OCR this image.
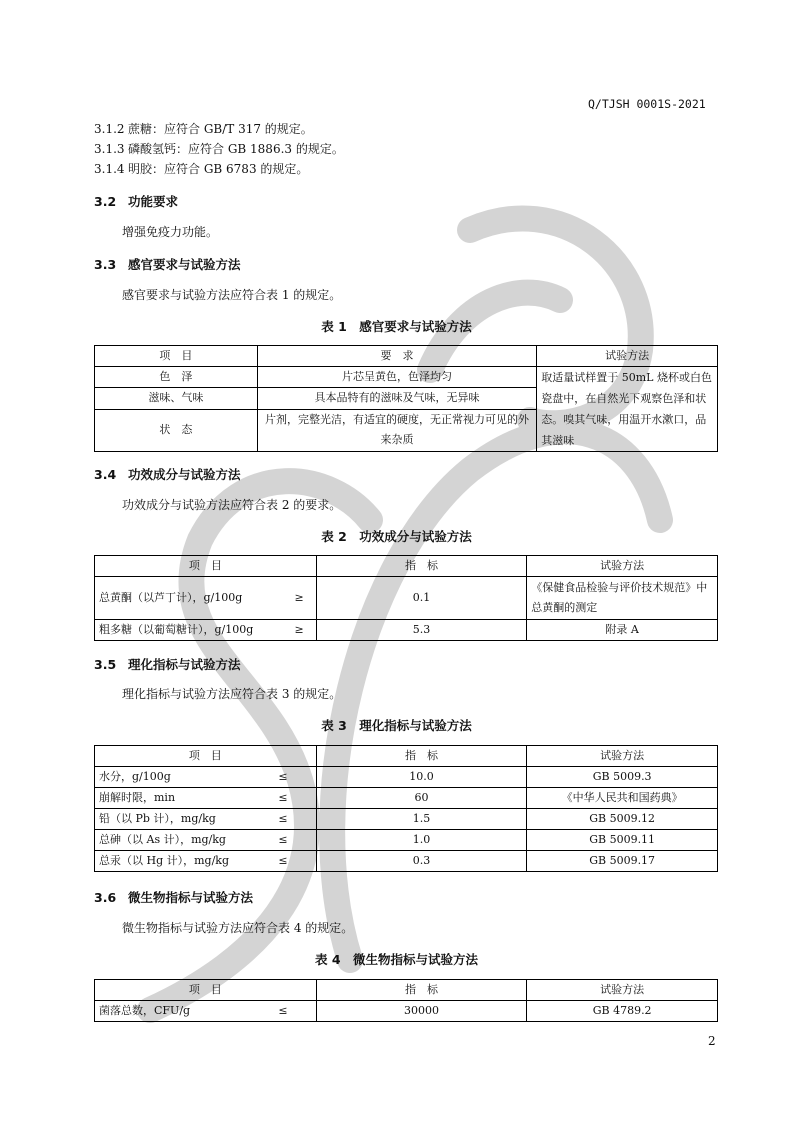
Q/TJSH 0001S-2021
3.1.2 蔗糖：应符合 GB/T 317 的规定。
3.1.3 磷酸氢钙：应符合 GB 1886.3 的规定。
3.1.4 明胶：应符合 GB 6783 的规定。
3.2 功能要求
增强免疫力功能。
3.3 感官要求与试验方法
感官要求与试验方法应符合表 1 的规定。
表 1　感官要求与试验方法
项　目	要　求	试验方法
色　泽	片芯呈黄色，色泽均匀	取适量试样置于 50mL 烧杯或白色瓷盘中，在自然光下观察色泽和状态。嗅其气味，用温开水漱口，品其滋味
滋味、气味	具本品特有的滋味及气味，无异味	
状　态	片剂，完整光洁，有适宜的硬度，无正常视力可见的外来杂质	
3.4 功效成分与试验方法
功效成分与试验方法应符合表 2 的要求。
表 2　功效成分与试验方法
项　目	指　标	试验方法
总黄酮（以芦丁计），g/100g ≥	0.1	《保健食品检验与评价技术规范》中总黄酮的测定
粗多糖（以葡萄糖计），g/100g ≥	5.3	附录 A
3.5 理化指标与试验方法
理化指标与试验方法应符合表 3 的规定。
表 3　理化指标与试验方法
项　目	指　标	试验方法
水分，g/100g ≤	10.0	GB 5009.3
崩解时限，min ≤	60	《中华人民共和国药典》
铅（以 Pb 计），mg/kg ≤	1.5	GB 5009.12
总砷（以 As 计），mg/kg ≤	1.0	GB 5009.11
总汞（以 Hg 计），mg/kg ≤	0.3	GB 5009.17
3.6 微生物指标与试验方法
微生物指标与试验方法应符合表 4 的规定。
表 4　微生物指标与试验方法
项　目	指　标	试验方法
菌落总数，CFU/g ≤	30000	GB 4789.2
2
